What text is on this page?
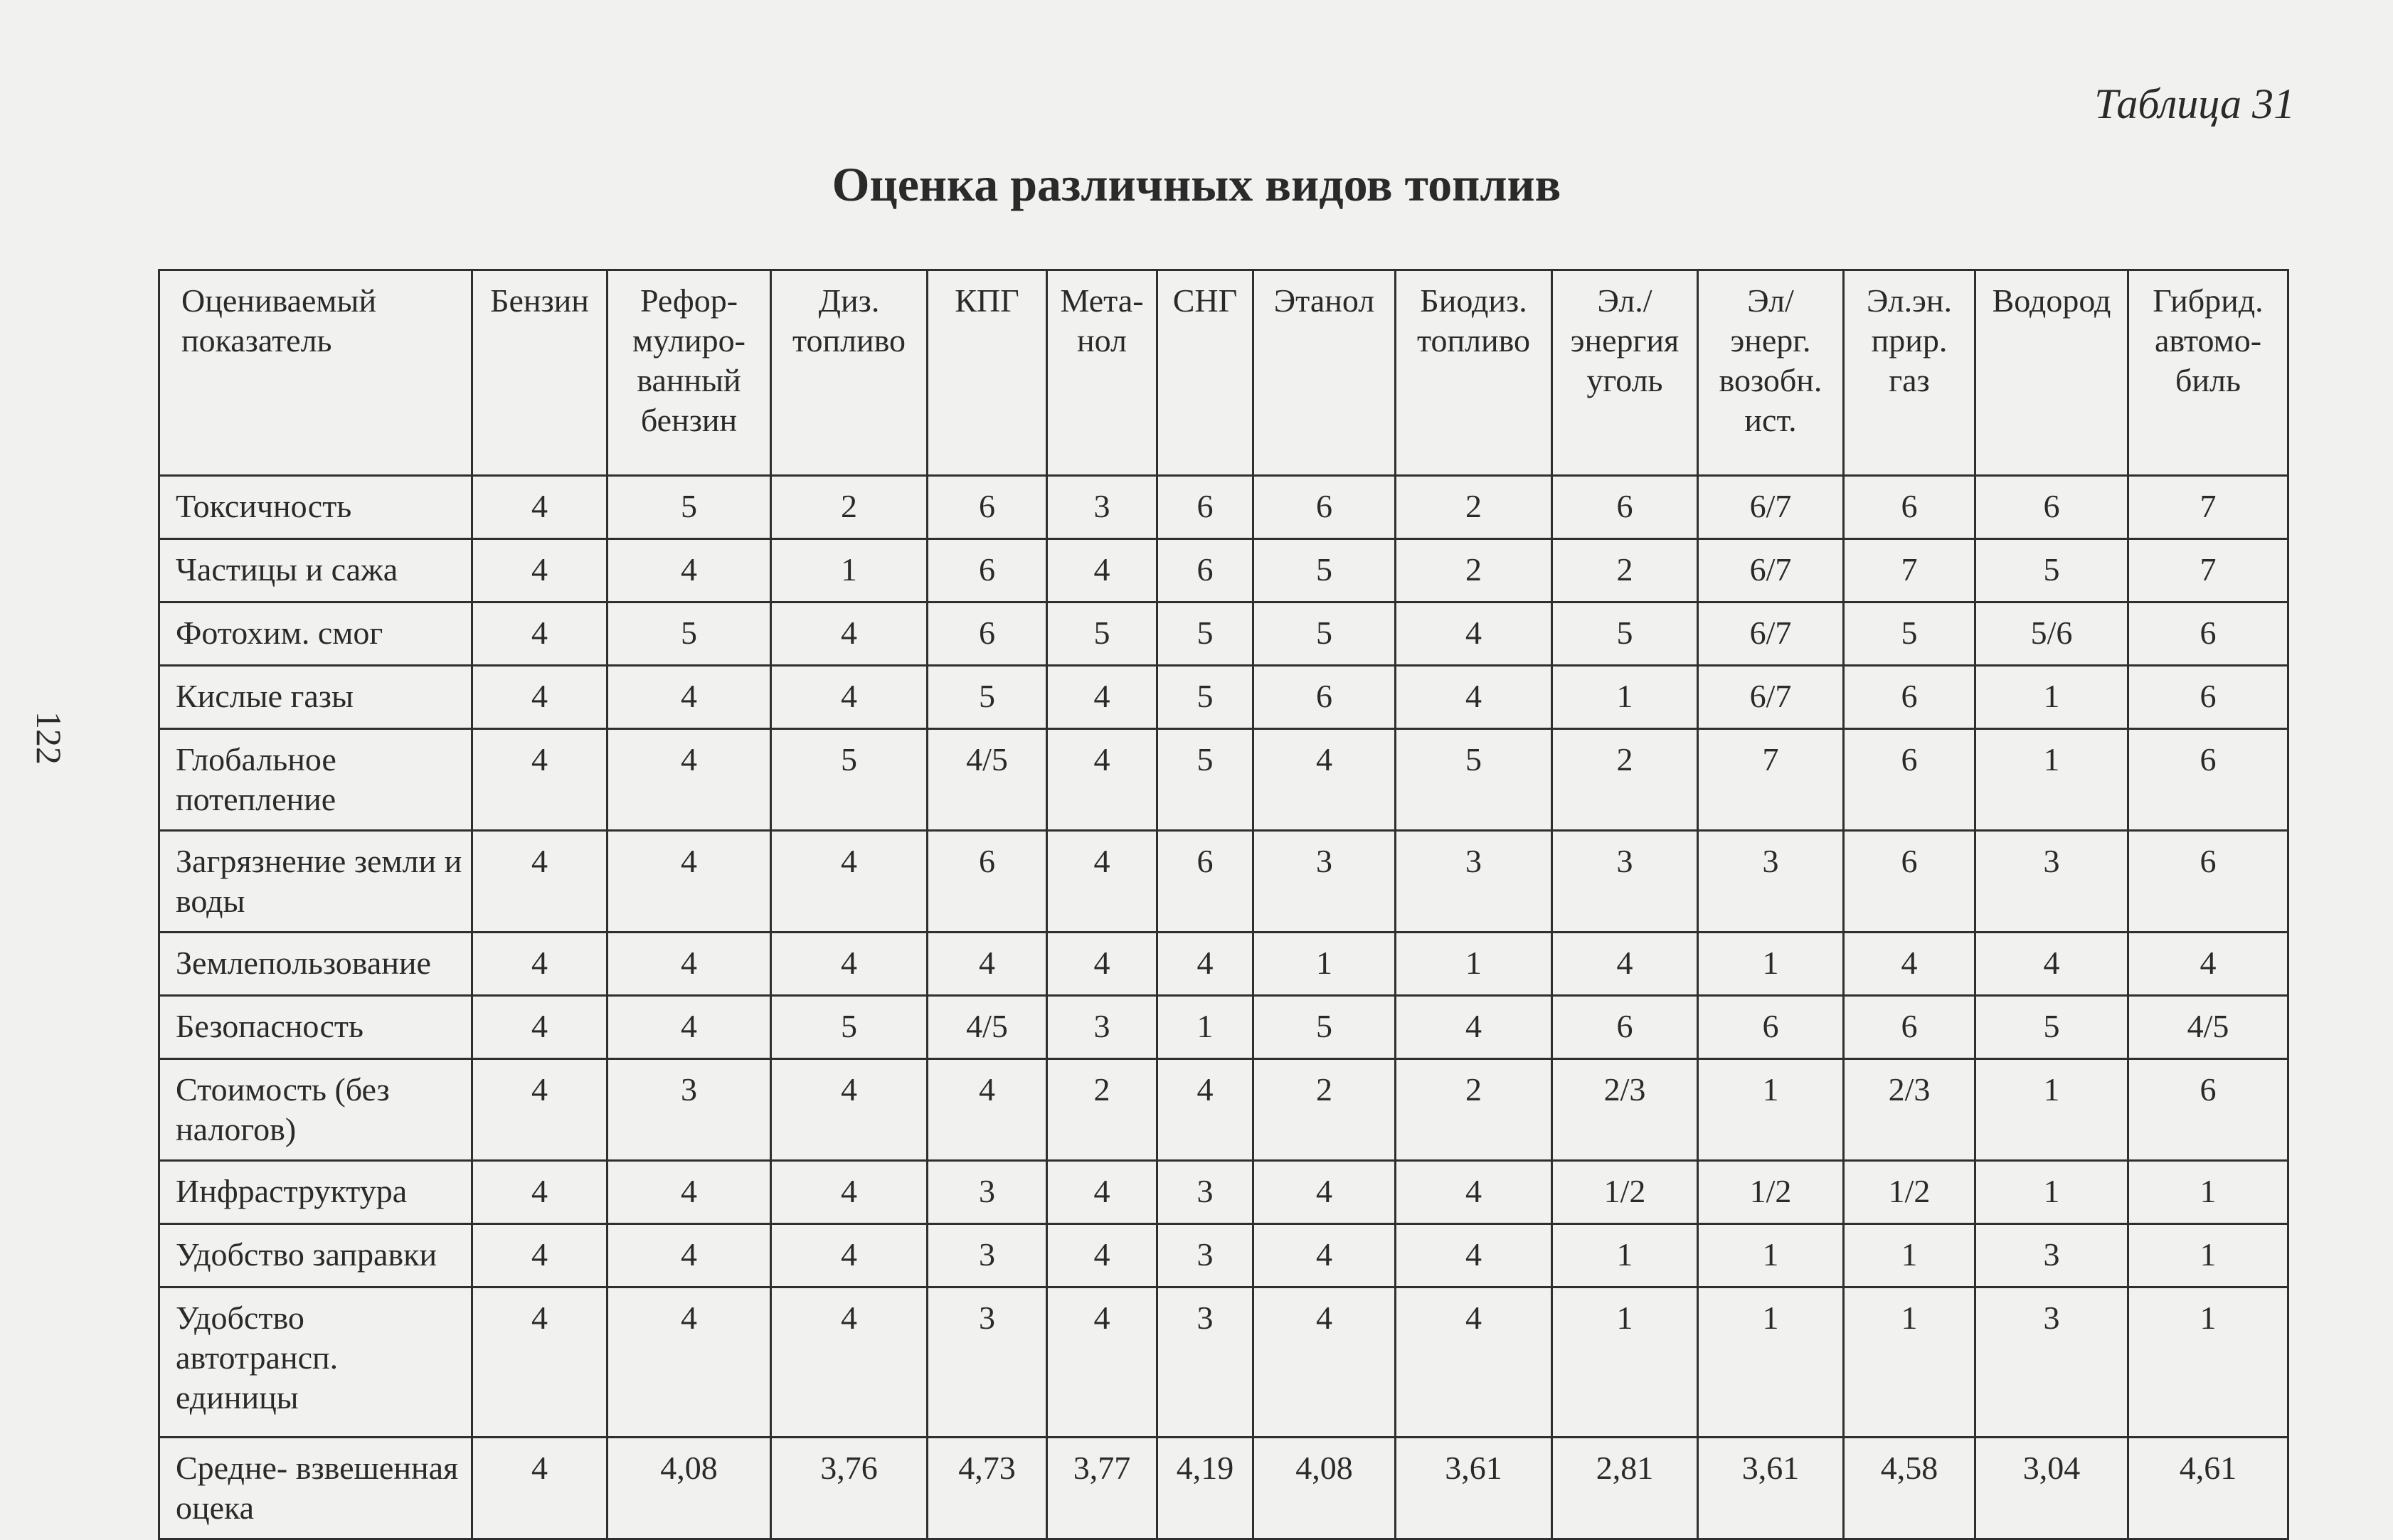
122
Таблица 31
Оценка различных видов топлив
Оцениваемый показатель	Бензин	Рефор- мулиро- ванный бензин	Диз. топливо	КПГ	Мета- нол	СНГ	Этанол	Биодиз. топливо	Эл./ энергия уголь	Эл/ энерг. возобн. ист.	Эл.эн. прир. газ	Водород	Гибрид. автомо- биль
Токсичность	4	5	2	6	3	6	6	2	6	6/7	6	6	7
Частицы и сажа	4	4	1	6	4	6	5	2	2	6/7	7	5	7
Фотохим. смог	4	5	4	6	5	5	5	4	5	6/7	5	5/6	6
Кислые газы	4	4	4	5	4	5	6	4	1	6/7	6	1	6
Глобальное потепление	4	4	5	4/5	4	5	4	5	2	7	6	1	6
Загрязнение земли и воды	4	4	4	6	4	6	3	3	3	3	6	3	6
Землепользование	4	4	4	4	4	4	1	1	4	1	4	4	4
Безопасность	4	4	5	4/5	3	1	5	4	6	6	6	5	4/5
Стоимость (без налогов)	4	3	4	4	2	4	2	2	2/3	1	2/3	1	6
Инфраструктура	4	4	4	3	4	3	4	4	1/2	1/2	1/2	1	1
Удобство заправки	4	4	4	3	4	3	4	4	1	1	1	3	1
Удобство автотрансп. единицы	4	4	4	3	4	3	4	4	1	1	1	3	1
Средне- взвешенная оцека	4	4,08	3,76	4,73	3,77	4,19	4,08	3,61	2,81	3,61	4,58	3,04	4,61
